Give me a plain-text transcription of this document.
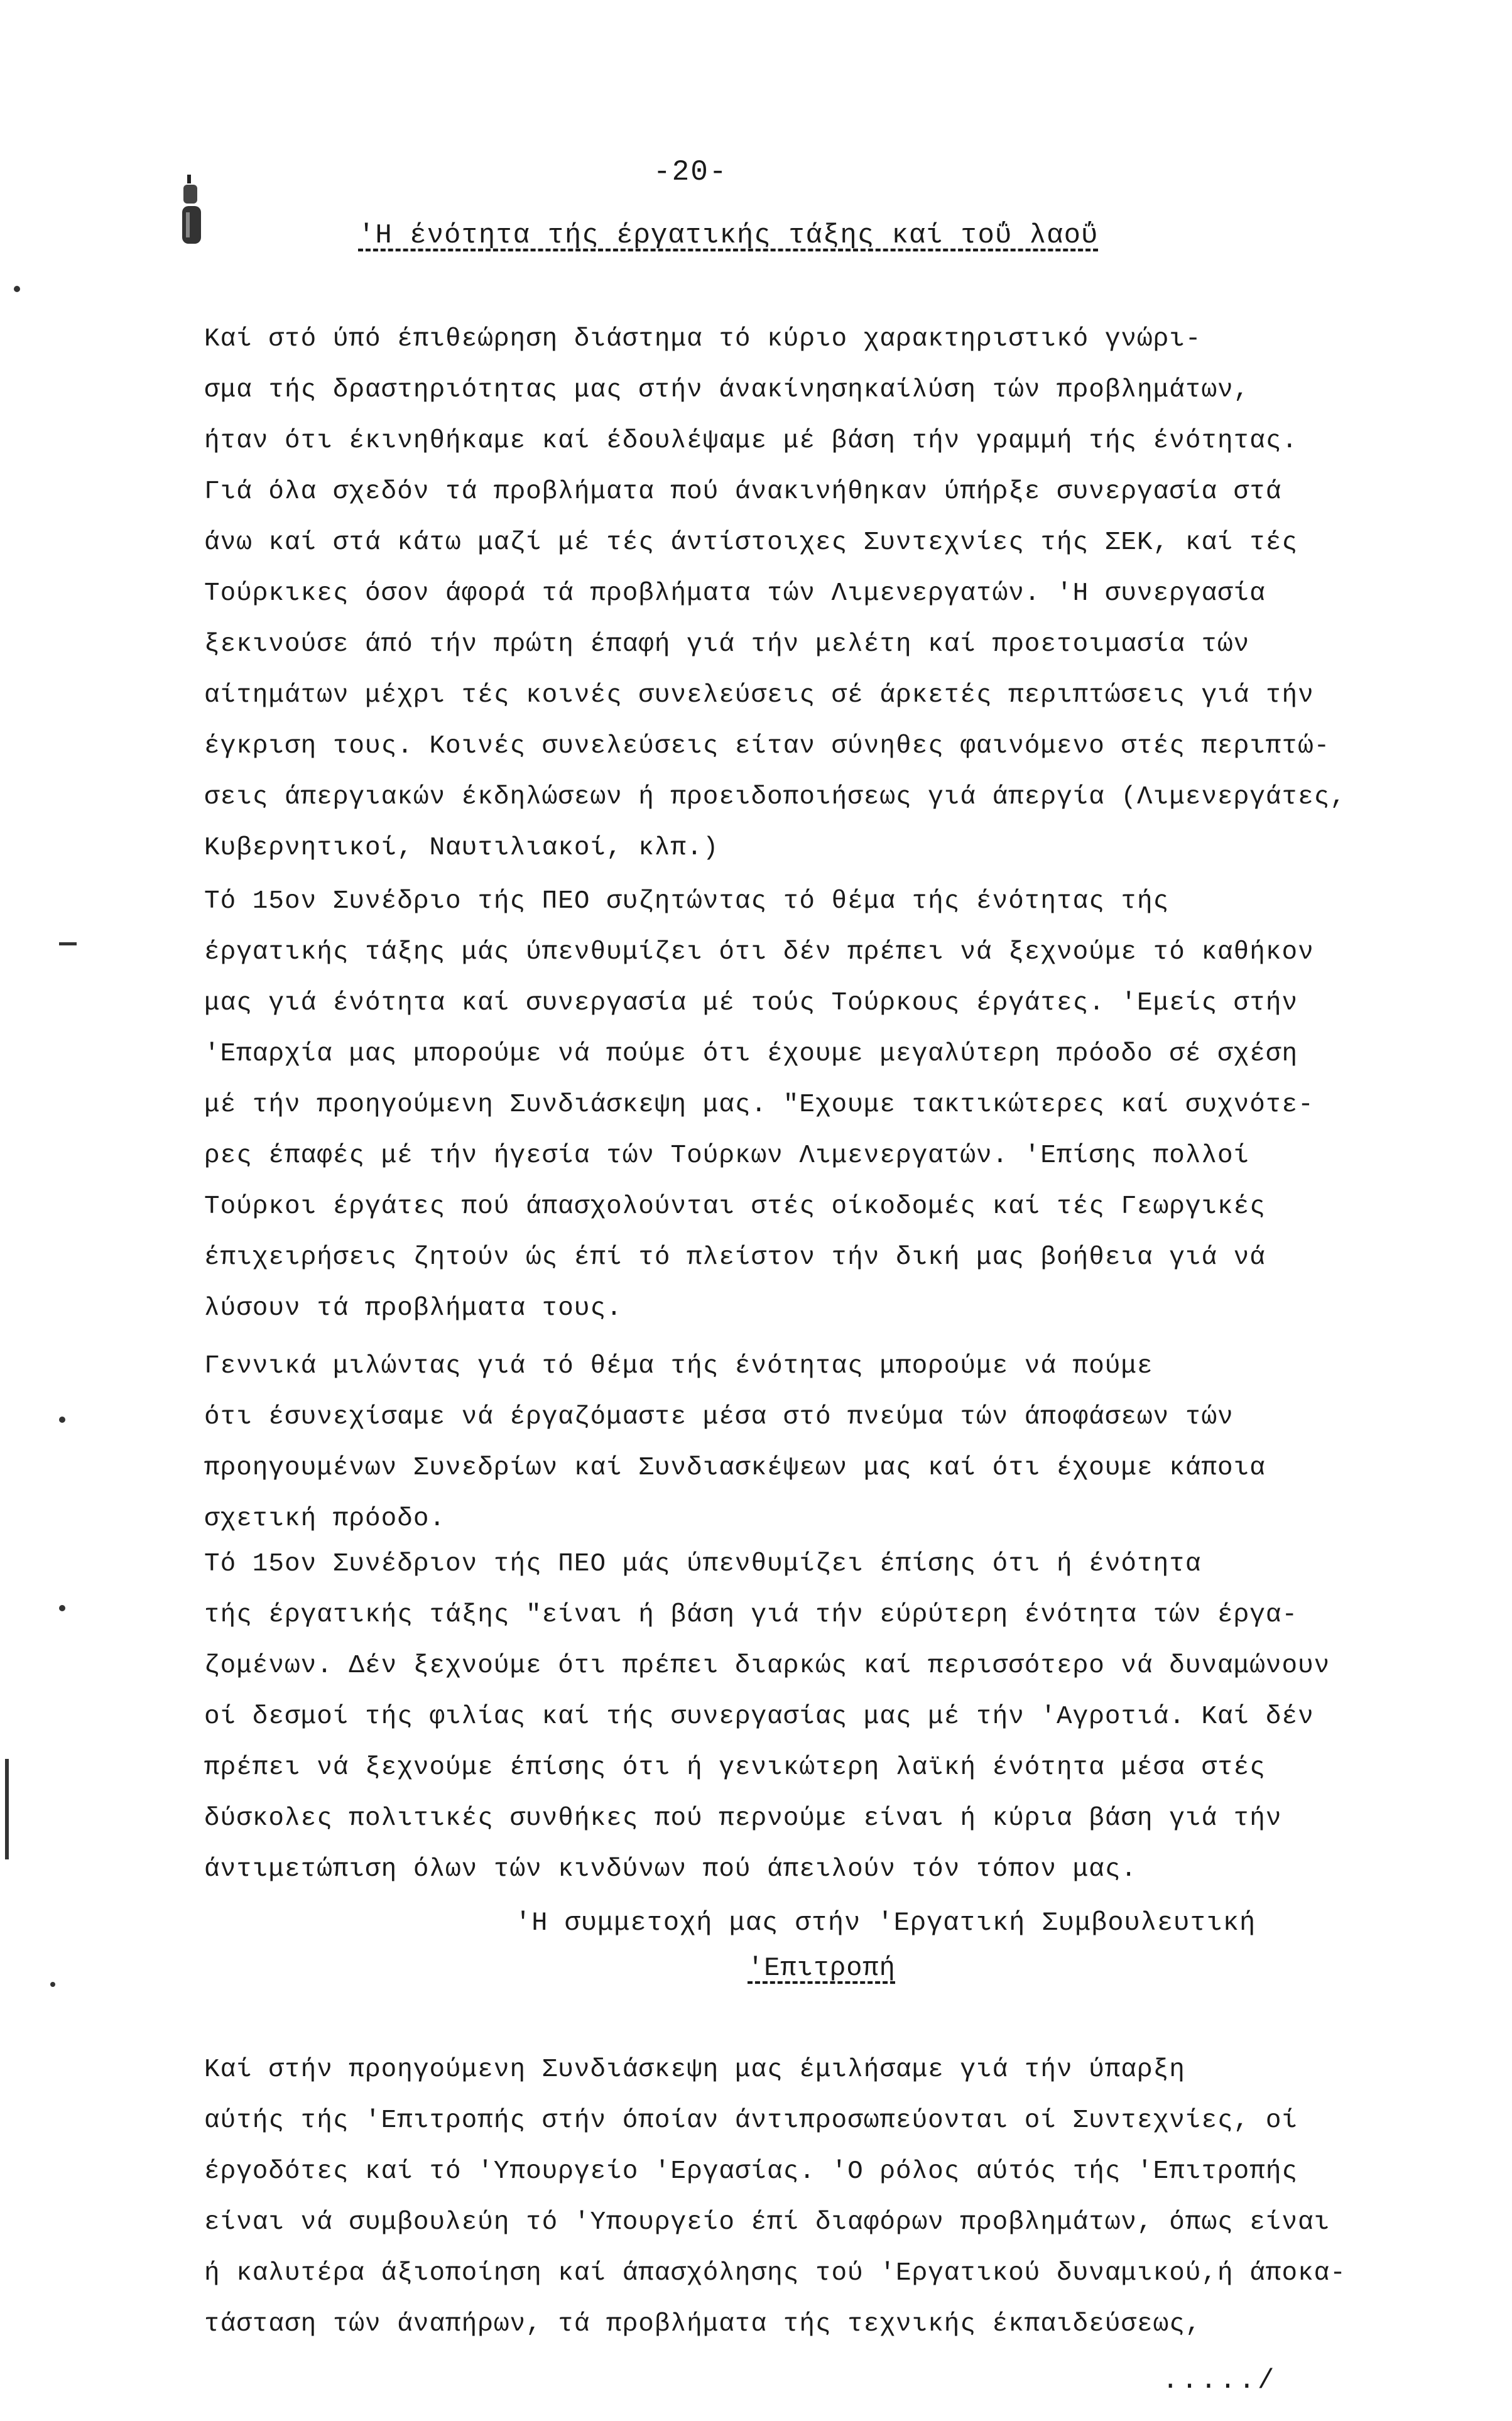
-20-
'Η ένότητα τής έργατικής τάξης καί τοΰ λαοΰ
Καί στό ύπό έπιθεώρηση διάστημα τό κύριο χαρακτηριστικό γνώρι-
σμα τής δραστηριότητας μας στήν άνακίνησηκαίλύση τών προβλημάτων,
ήταν ότι έκινηθήκαμε καί έδουλέψαμε μέ βάση τήν γραμμή τής ένότητας.
Γιά όλα σχεδόν τά προβλήματα πού άνακινήθηκαν ύπήρξε συνεργασία στά
άνω καί στά κάτω μαζί μέ τές άντίστοιχες Συντεχνίες τής ΣΕΚ, καί τές
Τούρκικες όσον άφορά τά προβλήματα τών Λιμενεργατών. 'Η συνεργασία
ξεκινούσε άπό τήν πρώτη έπαφή γιά τήν μελέτη καί προετοιμασία τών
αίτημάτων μέχρι τές κοινές συνελεύσεις σέ άρκετές περιπτώσεις γιά τήν
έγκριση τους. Κοινές συνελεύσεις είταν σύνηθες φαινόμενο στές περιπτώ-
σεις άπεργιακών έκδηλώσεων ή προειδοποιήσεως γιά άπεργία (Λιμενεργάτες,
Κυβερνητικοί, Ναυτιλιακοί, κλπ.)
Τό 15ον Συνέδριο τής ΠΕΟ συζητώντας τό θέμα τής ένότητας τής
έργατικής τάξης μάς ύπενθυμίζει ότι δέν πρέπει νά ξεχνούμε τό καθήκον
μας γιά ένότητα καί συνεργασία μέ τούς Τούρκους έργάτες. 'Εμείς στήν
'Επαρχία μας μπορούμε νά πούμε ότι έχουμε μεγαλύτερη πρόοδο σέ σχέση
μέ τήν προηγούμενη Συνδιάσκεψη μας. "Εχουμε τακτικώτερες καί συχνότε-
ρες έπαφές μέ τήν ήγεσία τών Τούρκων Λιμενεργατών. 'Επίσης πολλοί
Τούρκοι έργάτες πού άπασχολούνται στές οίκοδομές καί τές Γεωργικές
έπιχειρήσεις ζητούν ώς έπί τό πλείστον τήν δική μας βοήθεια γιά νά
λύσουν τά προβλήματα τους.
Γεννικά μιλώντας γιά τό θέμα τής ένότητας μπορούμε νά πούμε
ότι έσυνεχίσαμε νά έργαζόμαστε μέσα στό πνεύμα τών άποφάσεων τών
προηγουμένων Συνεδρίων καί Συνδιασκέψεων μας καί ότι έχουμε κάποια
σχετική πρόοδο.
Τό 15ον Συνέδριον τής ΠΕΟ μάς ύπενθυμίζει έπίσης ότι ή ένότητα
τής έργατικής τάξης "είναι ή βάση γιά τήν εύρύτερη ένότητα τών έργα-
ζομένων. Δέν ξεχνούμε ότι πρέπει διαρκώς καί περισσότερο νά δυναμώνουν
οί δεσμοί τής φιλίας καί τής συνεργασίας μας μέ τήν 'Αγροτιά. Καί δέν
πρέπει νά ξεχνούμε έπίσης ότι ή γενικώτερη λαϊκή ένότητα μέσα στές
δύσκολες πολιτικές συνθήκες πού περνούμε είναι ή κύρια βάση γιά τήν
άντιμετώπιση όλων τών κινδύνων πού άπειλούν τόν τόπον μας.
'Η συμμετοχή μας στήν 'Εργατική Συμβουλευτική
'Επιτροπή
Καί στήν προηγούμενη Συνδιάσκεψη μας έμιλήσαμε γιά τήν ύπαρξη
αύτής τής 'Επιτροπής στήν όποίαν άντιπροσωπεύονται οί Συντεχνίες, οί
έργοδότες καί τό 'Υπουργείο 'Εργασίας. 'Ο ρόλος αύτός τής 'Επιτροπής
είναι νά συμβουλεύη τό 'Υπουργείο έπί διαφόρων προβλημάτων, όπως είναι
ή καλυτέρα άξιοποίηση καί άπασχόλησης τού 'Εργατικού δυναμικού,ή άποκα-
τάσταση τών άναπήρων, τά προβλήματα τής τεχνικής έκπαιδεύσεως,
...../
